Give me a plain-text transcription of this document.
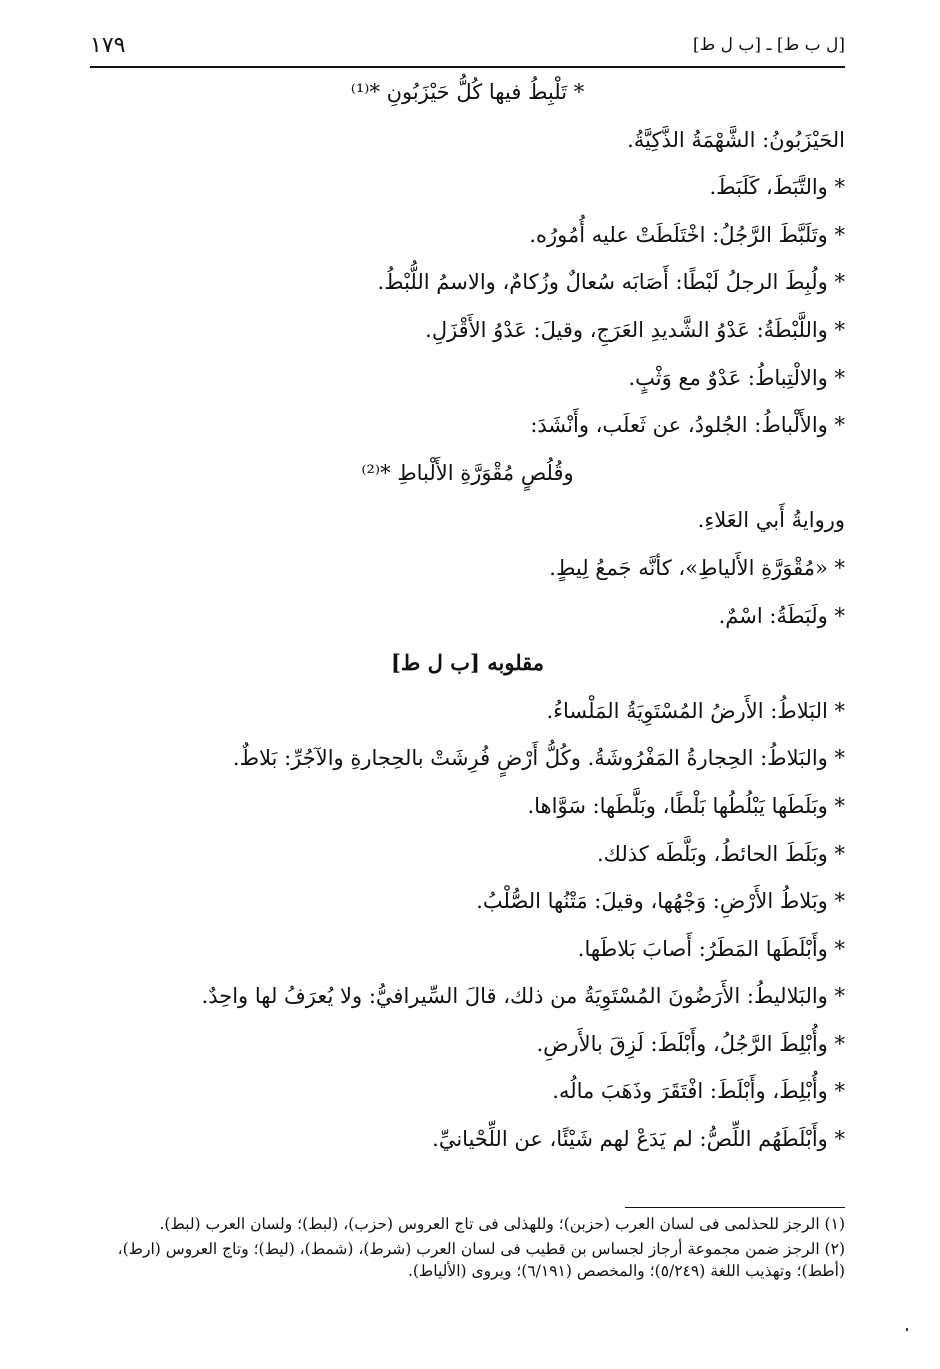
[ل ب ط] ـ [ب ل ط]
١٧٩
* تَلْبِطُ فيها كُلُّ حَيْزَبُونِ *⁽¹⁾
الحَيْزَبُونُ: الشَّهْمَةُ الذَّكِيَّةُ.
* والتَّبَطَ، كَلَبَطَ.
* وتَلَبَّطَ الرَّجُلُ: اخْتَلَطَتْ عليه أُمُورُه.
* ولُبِطَ الرجلُ لَبْطًا: أَصَابَه سُعالٌ وزُكامٌ، والاسمُ اللُّبْطُ.
* واللَّبْطَةُ: عَدْوُ الشَّديدِ العَرَجِ، وقيلَ: عَدْوُ الأَقْزَلِ.
* والالْتِباطُ: عَدْوٌ مع وَثْبٍ.
* والأَلْباطُ: الجُلودُ، عن ثَعلَب، وأَنْشَدَ:
وقُلُصٍ مُقْوَرَّةِ الأَلْباطِ *⁽²⁾
وروايةُ أَبي العَلاءِ.
* «مُقْوَرَّةِ الأَلياطِ»، كأنَّه جَمعُ لِيطٍ.
* ولَبَطَةُ: اسْمٌ.
مقلوبه [ب ل ط]
* البَلاطُ: الأَرضُ المُسْتَوِيَةُ المَلْساءُ.
* والبَلاطُ: الحِجارةُ المَفْرُوشَةُ. وكُلُّ أَرْضٍ فُرِشَتْ بالحِجارةِ والآجُرِّ: بَلاطٌ.
* وبَلَطَها يَبْلُطُها بَلْطًا، وبَلَّطَها: سَوَّاها.
* وبَلَطَ الحائطُ، وبَلَّطَه كذلك.
* وبَلاطُ الأَرْضِ: وَجْهُها، وقيلَ: مَتْنُها الصُّلْبُ.
* وأَبْلَطَها المَطَرُ: أَصابَ بَلاطَها.
* والبَلاليطُ: الأَرَضُونَ المُسْتَوِيَةُ من ذلك، قالَ السِّيرافيُّ: ولا يُعرَفُ لها واحِدٌ.
* وأُبْلِطَ الرَّجُلُ، وأَبْلَطَ: لَزِقَ بالأَرضِ.
* وأُبْلِطَ، وأَبْلَطَ: افْتَقَرَ وذَهَبَ مالُه.
* وأَبْلَطَهُم اللِّصُّ: لم يَدَعْ لهم شَيْئًا، عن اللِّحْيانيِّ.
(١) الرجز للحذلمى فى لسان العرب (حزبن)؛ وللهذلى فى تاج العروس (حزب)، (لبط)؛ ولسان العرب (لبط).
(٢) الرجز ضمن مجموعة أرجاز لجساس بن قطيب فى لسان العرب (شرط)، (شمط)، (ليط)؛ وتاج العروس (ارط)، (أطط)؛ وتهذيب اللغة (٥/٢٤٩)؛ والمخصص (٦/١٩١)؛ ويروى (الألياط).
